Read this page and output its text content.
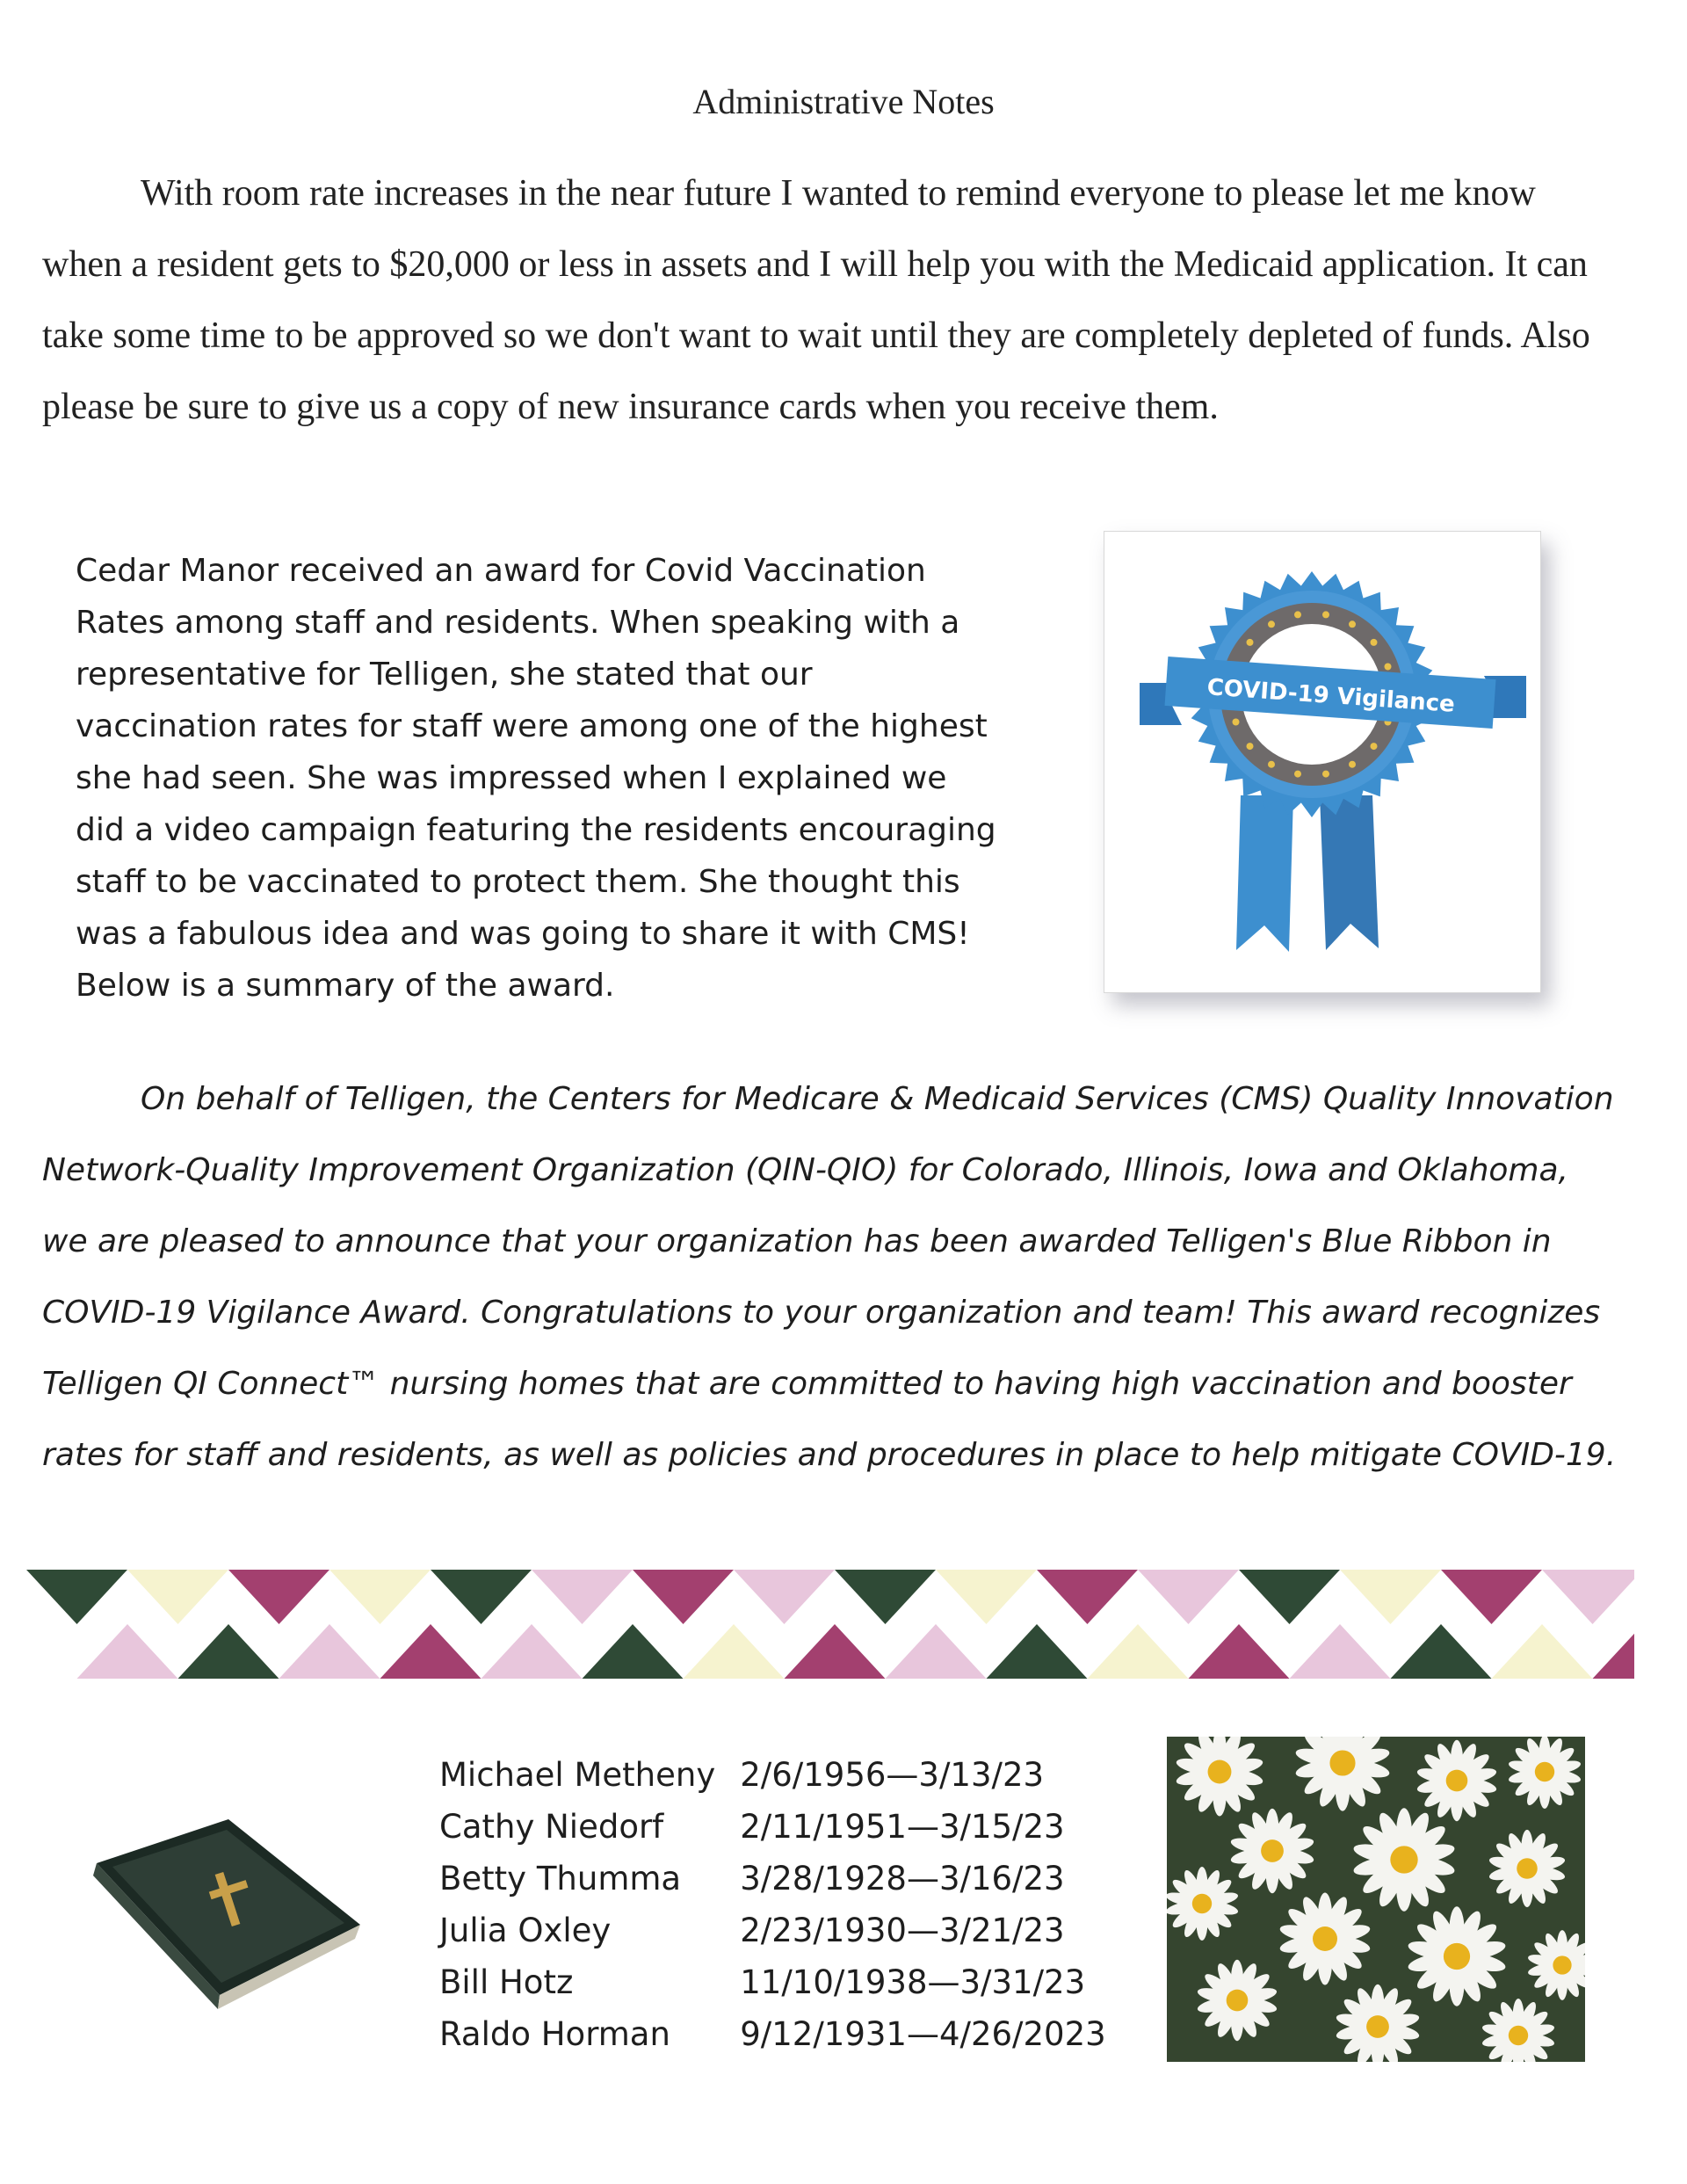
Administrative Notes

With room rate increases in the near future I wanted to remind everyone to please let me know when a resident gets to $20,000 or less in assets and I will help you with the Medicaid application. It can take some time to be approved so we don't want to wait until they are completely depleted of funds. Also please be sure to give us a copy of new insurance cards when you receive them.

Cedar Manor received an award for Covid Vaccination Rates among staff and residents. When speaking with a representative for Telligen, she stated that our vaccination rates for staff were among one of the highest she had seen. She was impressed when I explained we did a video campaign featuring the residents encouraging staff to be vaccinated to protect them. She thought this was a fabulous idea and was going to share it with CMS! Below is a summary of the award.

COVID-19 Vigilance

On behalf of Telligen, the Centers for Medicare & Medicaid Services (CMS) Quality Innovation Network-Quality Improvement Organization (QIN-QIO) for Colorado, Illinois, Iowa and Oklahoma, we are pleased to announce that your organization has been awarded Telligen's Blue Ribbon in COVID-19 Vigilance Award. Congratulations to your organization and team! This award recognizes Telligen QI Connect™ nursing homes that are committed to having high vaccination and booster rates for staff and residents, as well as policies and procedures in place to help mitigate COVID-19.

Michael Metheny	2/6/1956—3/13/23
Cathy Niedorf	2/11/1951—3/15/23
Betty Thumma	3/28/1928—3/16/23
Julia Oxley	2/23/1930—3/21/23
Bill Hotz	11/10/1938—3/31/23
Raldo Horman	9/12/1931—4/26/2023
